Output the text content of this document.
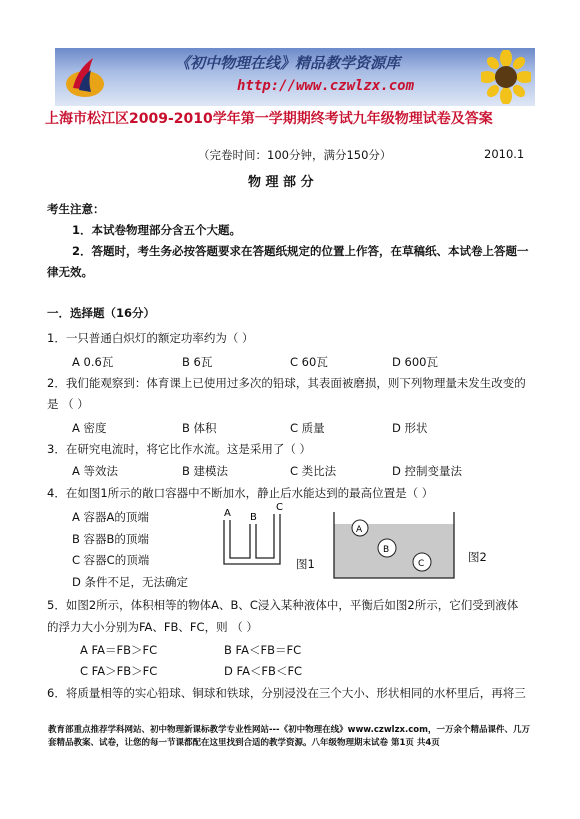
《初中物理在线》精品教学资源库
http://www.czwlzx.com
上海市松江区2009-2010学年第一学期期终考试九年级物理试卷及答案
（完卷时间：100分钟，满分150分）	2010.1
物 理 部 分
考生注意：
1．本试卷物理部分含五个大题。
2．答题时，考生务必按答题要求在答题纸规定的位置上作答，在草稿纸、本试卷上答题一
律无效。
一．选择题（16分）
1．一只普通白炽灯的额定功率约为（ ）
A 0.6瓦	B 6瓦	C 60瓦	D 600瓦
2．我们能观察到：体育课上已使用过多次的铅球，其表面被磨损，则下列物理量未发生改变的
是 （ ）
A 密度	B 体积	C 质量	D 形状
3．在研究电流时，将它比作水流。这是采用了（ ）
A 等效法	B 建模法	C 类比法	D 控制变量法
4．在如图1所示的敞口容器中不断加水，静止后水能达到的最高位置是（ ）
A 容器A的顶端
B 容器B的顶端
C 容器C的顶端
D 条件不足，无法确定
A B
C
图1
A
B
C	图2
5．如图2所示，体积相等的物体A、B、C浸入某种液体中，平衡后如图2所示，它们受到液体
的浮力大小分别为FA、FB、FC，则 （ ）
A FA＝FB＞FC	B FA＜FB＝FC
C FA＞FB＞FC	D FA＜FB＜FC
6．将质量相等的实心铅球、铜球和铁球，分别浸没在三个大小、形状相同的水杯里后，再将三
教育部重点推荐学科网站、初中物理新课标教学专业性网站---《初中物理在线》www.czwlzx.com，一万余个精品课件、几万套精品教案、试卷，让您的每一节课都配在这里找到合适的教学资源。八年级物理期末试卷 第1页 共4页
